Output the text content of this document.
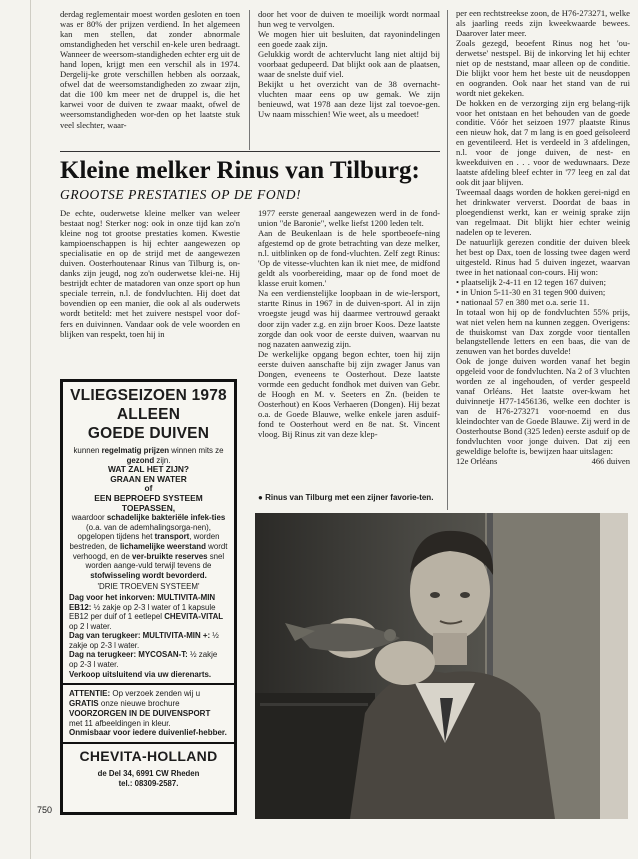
derdag reglementair moest worden gesloten en toen was er 80% der prijzen verdiend. In het algemeen kan men stellen, dat zonder abnormale omstandigheden het verschil en-kele uren bedraagt. Wanneer de weersom-standigheden echter erg uit de hand lopen, krijgt men een verschil als in 1974. Dergelij-ke grote verschillen hebben als oorzaak, ofwel dat de weersomstandigheden zo zwaar zijn, dat die 100 km meer net de druppel is, die het karwei voor de duiven te zwaar maakt, ofwel de weersomstandigheden wor-den op het laatste stuk veel slechter, waar-

door het voor de duiven te moeilijk wordt normaal hun weg te vervolgen.
We mogen hier uit besluiten, dat rayonindelingen een goede zaak zijn.
Gelukkig wordt de achtervlucht lang niet altijd bij voorbaat gedupeerd. Dat blijkt ook aan de plaatsen, waar de snelste duif viel.
Bekijkt u het overzicht van de 38 overnacht-vluchten maar eens op uw gemak. We zijn benieuwd, wat 1978 aan deze lijst zal toevoe-gen. Uw naam misschien! Wie weet, als u meedoet!

Kleine melker Rinus van Tilburg:
GROOTSE PRESTATIES OP DE FOND!

De echte, ouderwetse kleine melker van weleer bestaat nog! Sterker nog: ook in onze tijd kan zo'n kleine nog tot grootse prestaties komen. Kwestie kampioenschappen is hij echter aangewezen op specialisatie en op de strijd met de aangewezen duiven. Oosterhoutenaar Rinus van Tilburg is, on-danks zijn jeugd, nog zo'n ouderwetse klei-ne. Hij bestrijdt echter de matadoren van onze sport op hun speciale terrein, n.l. de fondvluchten. Hij doet dat bovendien op een manier, die ook al als ouderwets wordt betiteld: met het zuivere nestspel voor dof-fers en duivinnen. Vandaar ook de vele woorden en blijken van respekt, toen hij in

1977 eerste generaal aangewezen werd in de fond-union "de Baronie", welke liefst 1200 leden telt.
Aan de Beukenlaan is de hele sportbeoefe-ning afgestemd op de grote betrachting van deze melker, n.l. uitblinken op de fond-vluchten. Zelf zegt Rinus: 'Op de vitesse-vluchten kan ik niet mee, de midfond geldt als voorbereiding, maar op de fond moet de klasse eruit komen.'
Na een verdienstelijke loopbaan in de wie-lersport, startte Rinus in 1967 in de duiven-sport. Al in zijn vroegste jeugd was hij daarmee vertrouwd geraakt door zijn vader z.g. en zijn broer Koos. Deze laatste zorgde dan ook voor de eerste duiven, waarvan nu nog nazaten aanwezig zijn.
De werkelijke opgang begon echter, toen hij zijn eerste duiven aanschafte bij zijn zwager Janus van Dongen, eveneens te Oosterhout. Deze laatste vormde een geducht fondhok met duiven van Gebr. de Hoogh en M. v. Seeters en Zn. (beiden te Oosterhout) en Koos Verhaeren (Dongen). Hij bezat o.a. de Goede Blauwe, welke enkele jaren asduif-fond te Oosterhout werd en 8e nat. St. Vincent vloog. Bij Rinus zit van deze klep-

per een rechtstreekse zoon, de H76-273271, welke als jaarling reeds zijn kweekwaarde bewees. Daarover later meer.
Zoals gezegd, beoefent Rinus nog het 'ou-derwetse' nestspel. Bij de inkorving let hij echter niet op de neststand, maar alleen op de conditie. Die blijkt voor hem het beste uit de neusdoppen en oogranden. Ook naar het stand van de rui wordt niet gekeken.
De hokken en de verzorging zijn erg belang-rijk voor het ontstaan en het behouden van de goede conditie. Vóór het seizoen 1977 plaatste Rinus een nieuw hok, dat 7 m lang is en goed geïsoleerd en geventileerd. Het is verdeeld in 3 afdelingen, n.l. voor de jonge duiven, de nest- en kweekduiven en . . . voor de weduwnaars. Deze laatste afdeling bleef echter in '77 leeg en zal dat ook dit jaar blijven.
Tweemaal daags worden de hokken gerei-nigd en het drinkwater ververst. Doordat de baas in ploegendienst werkt, kan er weinig sprake zijn van regelmaat. Dit blijkt hier echter weinig nadelen op te leveren.
De natuurlijk gerezen conditie der duiven bleek het best op Dax, toen de lossing twee dagen werd uitgesteld. Rinus had 5 duiven ingezet, waarvan twee in het nationaal con-cours. Hij won:

• plaatselijk 2-4-11 en 12 tegen 167 duiven;

• in Union 5-11-30 en 31 tegen 900 duiven;

• nationaal 57 en 380 met o.a. serie 11.

In totaal won hij op de fondvluchten 55% prijs, wat niet velen hem na kunnen zeggen. Overigens: de thuiskomst van Dax zorgde voor tientallen belangstellende letters en een baas, die van de zenuwen van het bordes duvelde!
Ook de jonge duiven worden vanaf het begin opgeleid voor de fondvluchten. Na 2 of 3 vluchten worden ze al ingehouden, of verder gespeeld vanaf Orléans. Het laatste over-kwam het duivinnetje H77-1456136, welke een dochter is van de H76-273271 voor-noemd en dus kleindochter van de Goede Blauwe. Zij werd in de Oosterhoutse Bond (325 leden) eerste asduif op de fondvluchten voor jonge duiven. Dat zij een geweldige belofte is, bewijzen haar uitslagen:

12e Orléans	466 duiven

VLIEGSEIZOEN 1978
ALLEEN
GOEDE DUIVEN
kunnen regelmatig prijzen winnen mits ze gezond zijn.
WAT ZAL HET ZIJN?
GRAAN EN WATER
of
EEN BEPROEFD SYSTEEM
TOEPASSEN,
waardoor schadelijke bakteriële infek-ties (o.a. van de ademhalingsorga-nen), opgelopen tijdens het transport, worden bestreden, de lichamelijke weerstand wordt verhoogd, en de ver-bruikte reserves snel worden aange-vuld terwijl tevens de stofwisseling wordt bevorderd.
'DRIE TROEVEN SYSTEEM'
Dag voor het inkorven: MULTIVITA-MIN EB12: ½ zakje op 2-3 l water of 1 kapsule EB12 per duif of 1 eetlepel CHEVITA-VITAL op 2 l water.
Dag van terugkeer: MULTIVITA-MIN +: ½ zakje op 2-3 l water.
Dag na terugkeer: MYCOSAN-T: ½ zakje op 2-3 l water.
Verkoop uitsluitend via uw dierenarts.
ATTENTIE: Op verzoek zenden wij u GRATIS onze nieuwe brochure
VOORZORGEN IN DE DUIVENSPORT
met 11 afbeeldingen in kleur.
Onmisbaar voor iedere duivenlief-hebber.
CHEVITA-HOLLAND
de Del 34, 6991 CW Rheden
tel.: 08309-2587.
● Rinus van Tilburg met een zijner favorie-ten.
750
